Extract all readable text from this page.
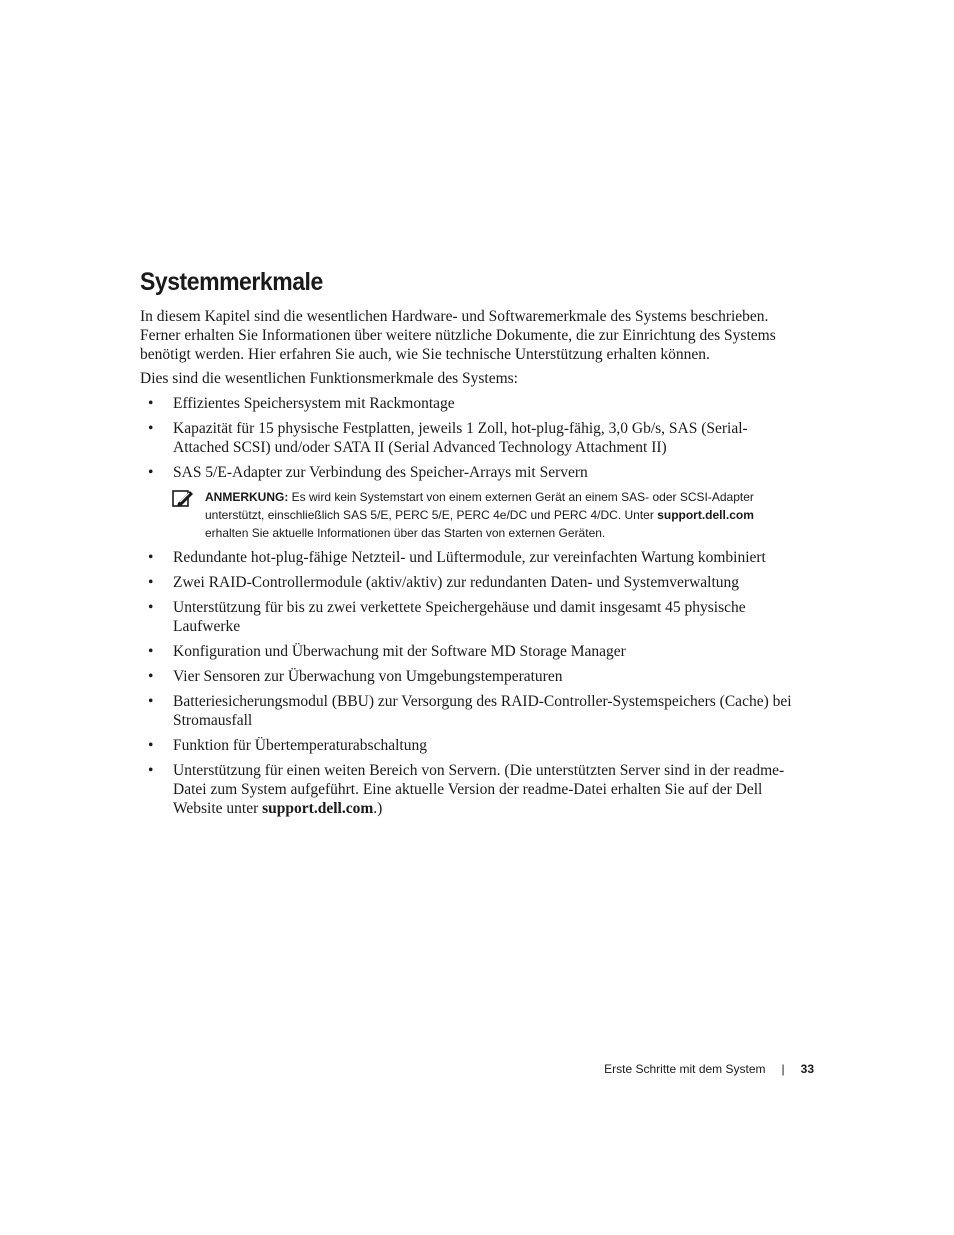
Systemmerkmale

In diesem Kapitel sind die wesentlichen Hardware- und Softwaremerkmale des Systems beschrieben. Ferner erhalten Sie Informationen über weitere nützliche Dokumente, die zur Einrichtung des Systems benötigt werden. Hier erfahren Sie auch, wie Sie technische Unterstützung erhalten können.

Dies sind die wesentlichen Funktionsmerkmale des Systems:

• Effizientes Speichersystem mit Rackmontage
• Kapazität für 15 physische Festplatten, jeweils 1 Zoll, hot-plug-fähig, 3,0 Gb/s, SAS (Serial-Attached SCSI) und/oder SATA II (Serial Advanced Technology Attachment II)
• SAS 5/E-Adapter zur Verbindung des Speicher-Arrays mit Servern
ANMERKUNG: Es wird kein Systemstart von einem externen Gerät an einem SAS- oder SCSI-Adapter unterstützt, einschließlich SAS 5/E, PERC 5/E, PERC 4e/DC und PERC 4/DC. Unter support.dell.com erhalten Sie aktuelle Informationen über das Starten von externen Geräten.
• Redundante hot-plug-fähige Netzteil- und Lüftermodule, zur vereinfachten Wartung kombiniert
• Zwei RAID-Controllermodule (aktiv/aktiv) zur redundanten Daten- und Systemverwaltung
• Unterstützung für bis zu zwei verkettete Speichergehäuse und damit insgesamt 45 physische Laufwerke
• Konfiguration und Überwachung mit der Software MD Storage Manager
• Vier Sensoren zur Überwachung von Umgebungstemperaturen
• Batteriesicherungsmodul (BBU) zur Versorgung des RAID-Controller-Systemspeichers (Cache) bei Stromausfall
• Funktion für Übertemperaturabschaltung
• Unterstützung für einen weiten Bereich von Servern. (Die unterstützten Server sind in der readme-Datei zum System aufgeführt. Eine aktuelle Version der readme-Datei erhalten Sie auf der Dell Website unter support.dell.com.)
Erste Schritte mit dem System | 33
